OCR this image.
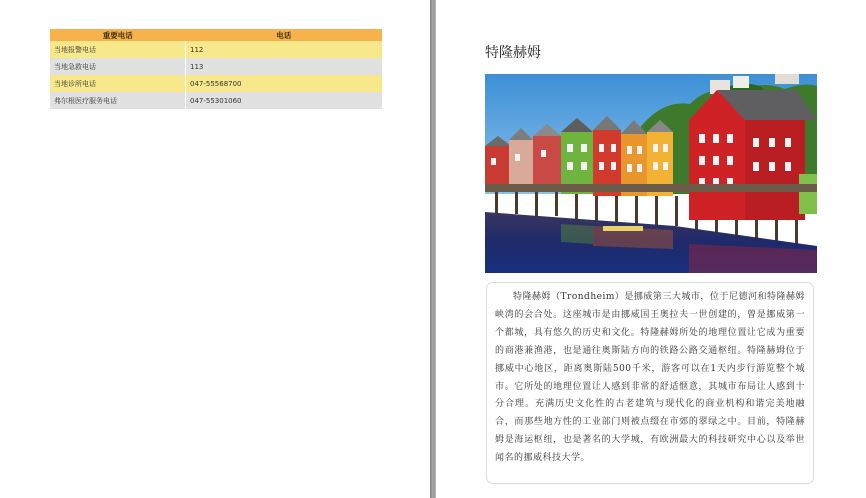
重要电话	电话
当地报警电话	112
当地急救电话	113
当地诊所电话	047-55568700
弗尔根医疗服务电话	047-55301060
特隆赫姆

特隆赫姆（Trondheim）是挪威第三大城市，位于尼德河和特隆赫姆峡湾的会合处。这座城市是由挪威国王奥拉夫一世创建的，曾是挪威第一个都城，具有悠久的历史和文化。特隆赫姆所处的地理位置让它成为重要的商港兼渔港，也是通往奥斯陆方向的铁路公路交通枢纽。特隆赫姆位于挪威中心地区，距离奥斯陆500千米，游客可以在1天内步行游览整个城市。它所处的地理位置让人感到非常的舒适惬意，其城市布局让人感到十分合理。充满历史文化性的古老建筑与现代化的商业机构和谐完美地融合，而那些地方性的工业部门则被点缀在市郊的翠绿之中。目前，特隆赫姆是海运枢纽，也是著名的大学城，有欧洲最大的科技研究中心以及举世闻名的挪威科技大学。
